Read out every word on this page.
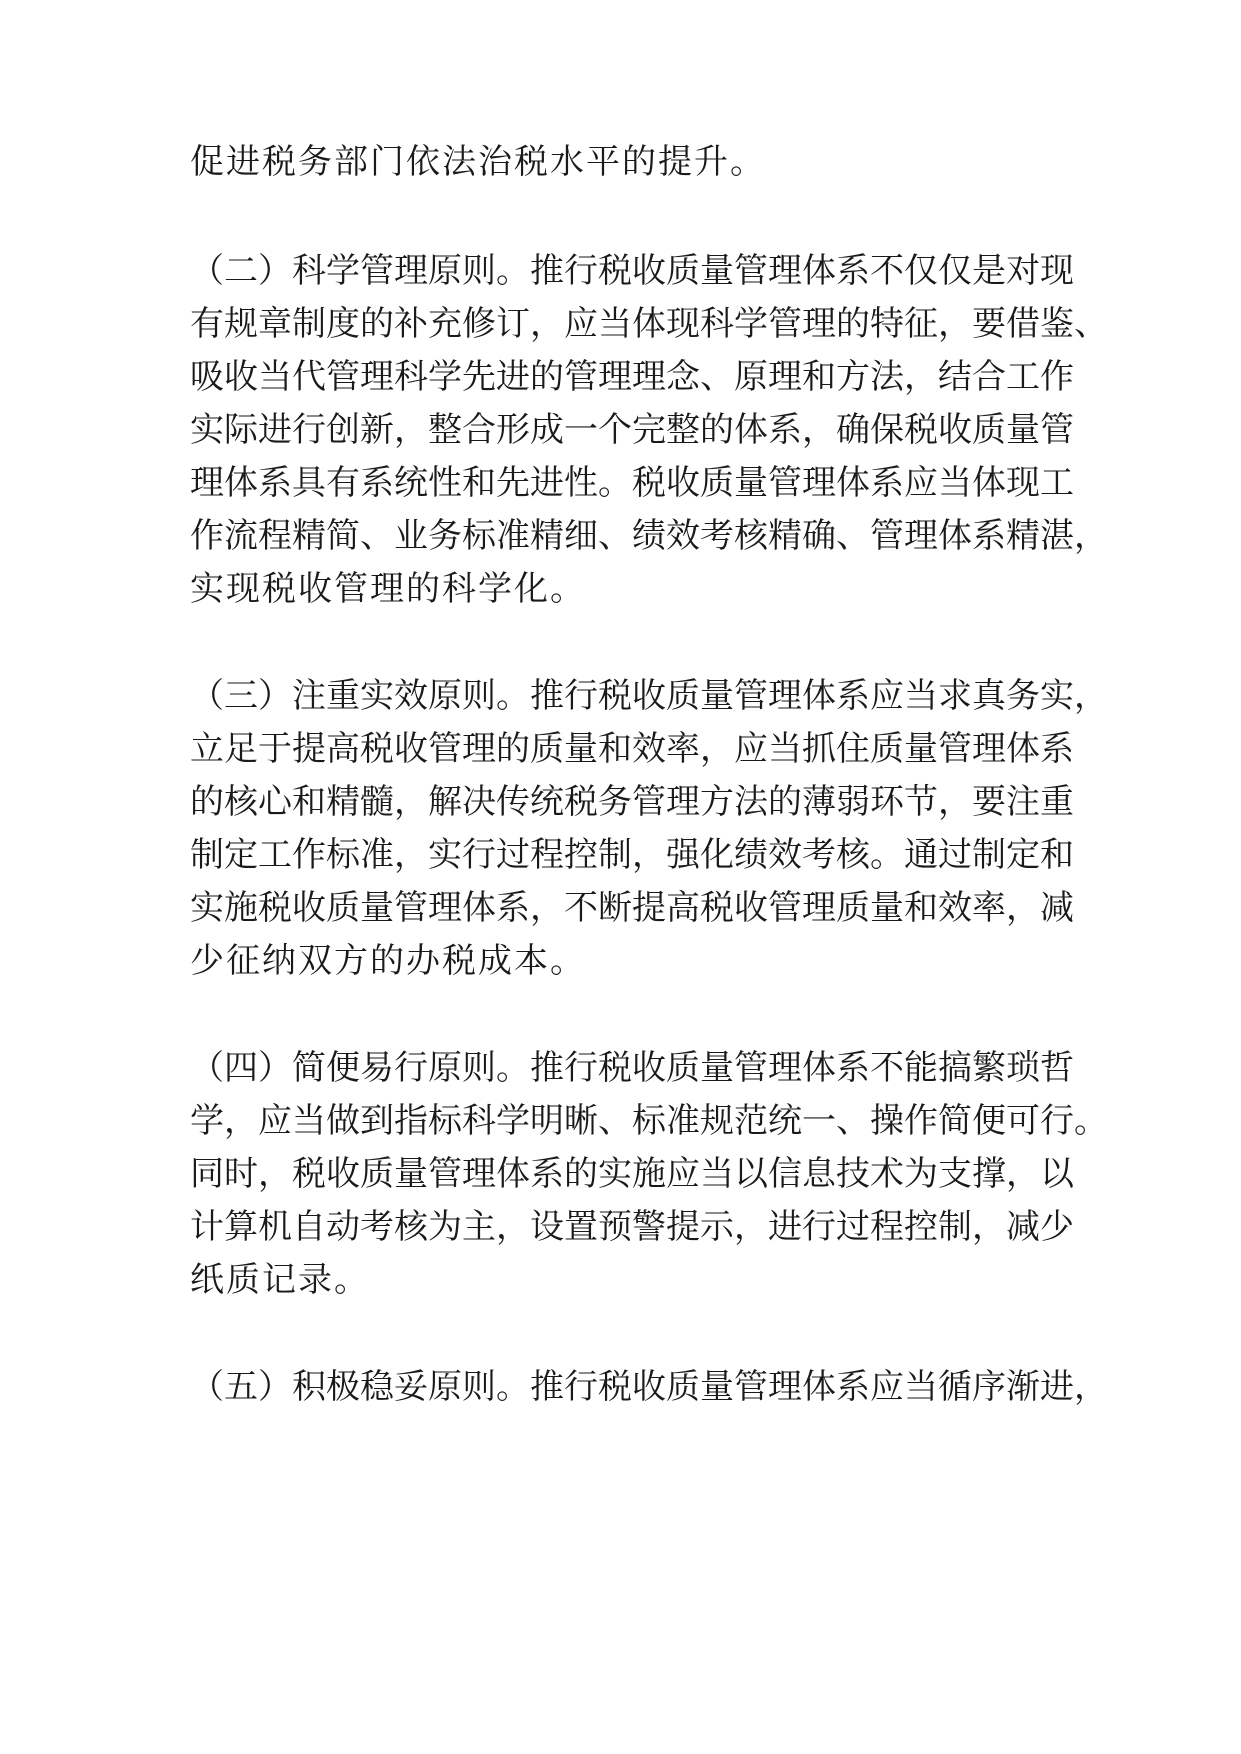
促进税务部门依法治税水平的提升。
（二）科学管理原则。推行税收质量管理体系不仅仅是对现
有规章制度的补充修订，应当体现科学管理的特征，要借鉴、
吸收当代管理科学先进的管理理念、原理和方法，结合工作
实际进行创新，整合形成一个完整的体系，确保税收质量管
理体系具有系统性和先进性。税收质量管理体系应当体现工
作流程精简、业务标准精细、绩效考核精确、管理体系精湛，
实现税收管理的科学化。
（三）注重实效原则。推行税收质量管理体系应当求真务实，
立足于提高税收管理的质量和效率，应当抓住质量管理体系
的核心和精髓，解决传统税务管理方法的薄弱环节，要注重
制定工作标准，实行过程控制，强化绩效考核。通过制定和
实施税收质量管理体系，不断提高税收管理质量和效率，减
少征纳双方的办税成本。
（四）简便易行原则。推行税收质量管理体系不能搞繁琐哲
学，应当做到指标科学明晰、标准规范统一、操作简便可行。
同时，税收质量管理体系的实施应当以信息技术为支撑，以
计算机自动考核为主，设置预警提示，进行过程控制，减少
纸质记录。
（五）积极稳妥原则。推行税收质量管理体系应当循序渐进，
